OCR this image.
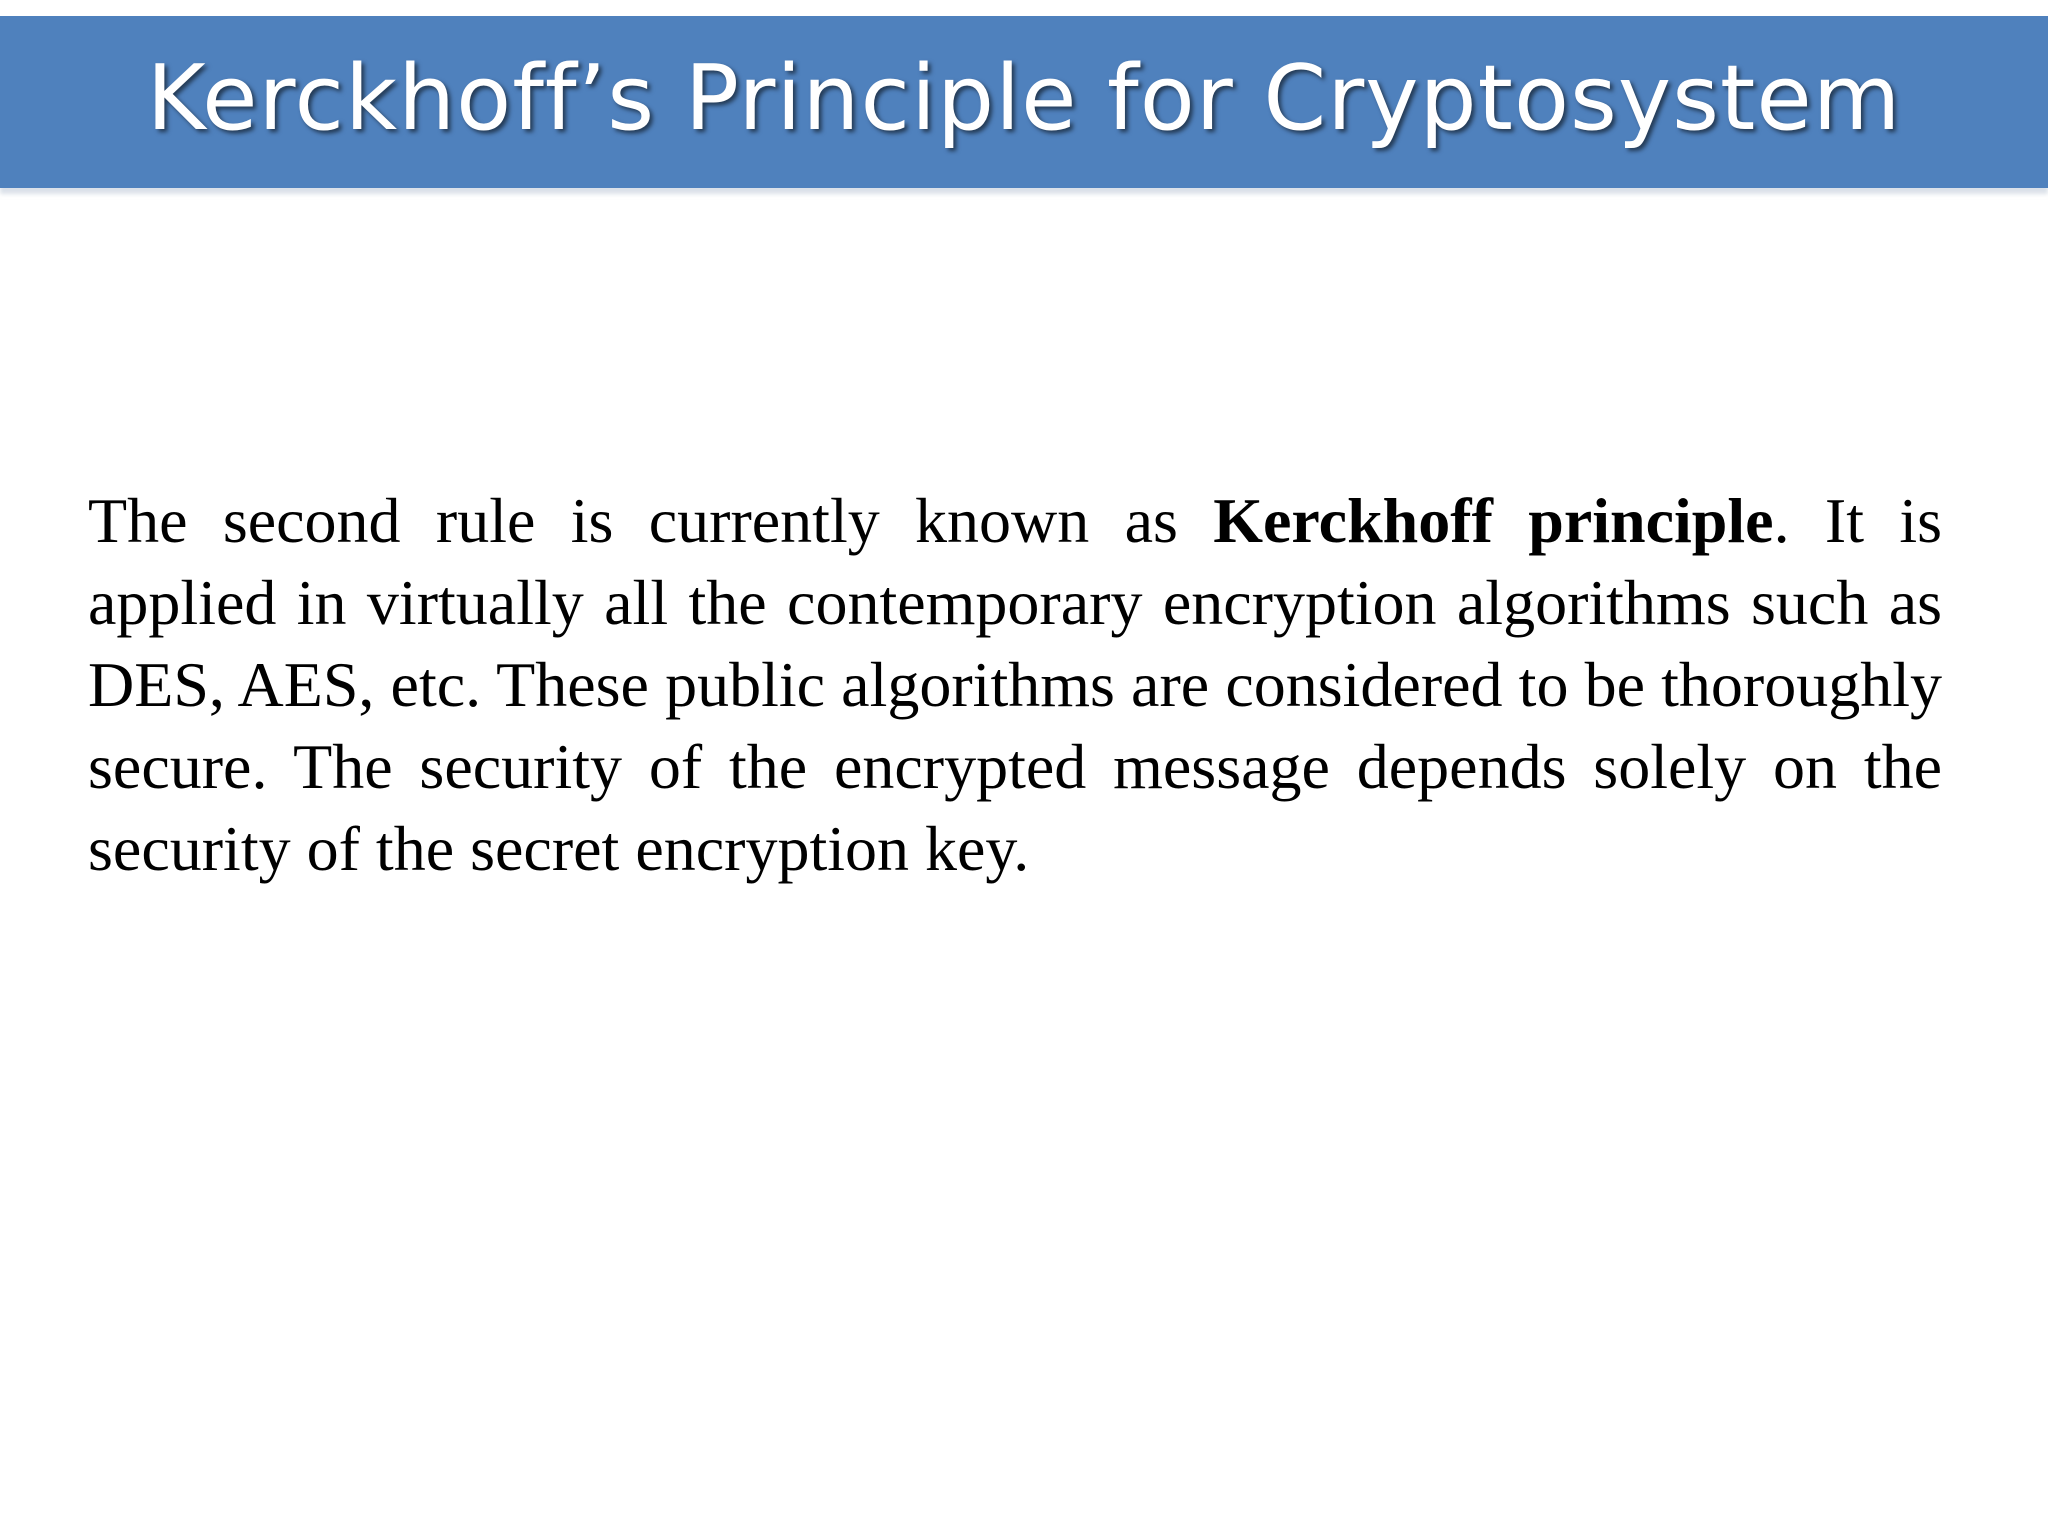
Kerckhoff’s Principle for Cryptosystem

The second rule is currently known as Kerckhoff principle. It is applied in virtually all the contemporary encryption algorithms such as DES, AES, etc. These public algorithms are considered to be thoroughly secure. The security of the encrypted message depends solely on the security of the secret encryption key.
